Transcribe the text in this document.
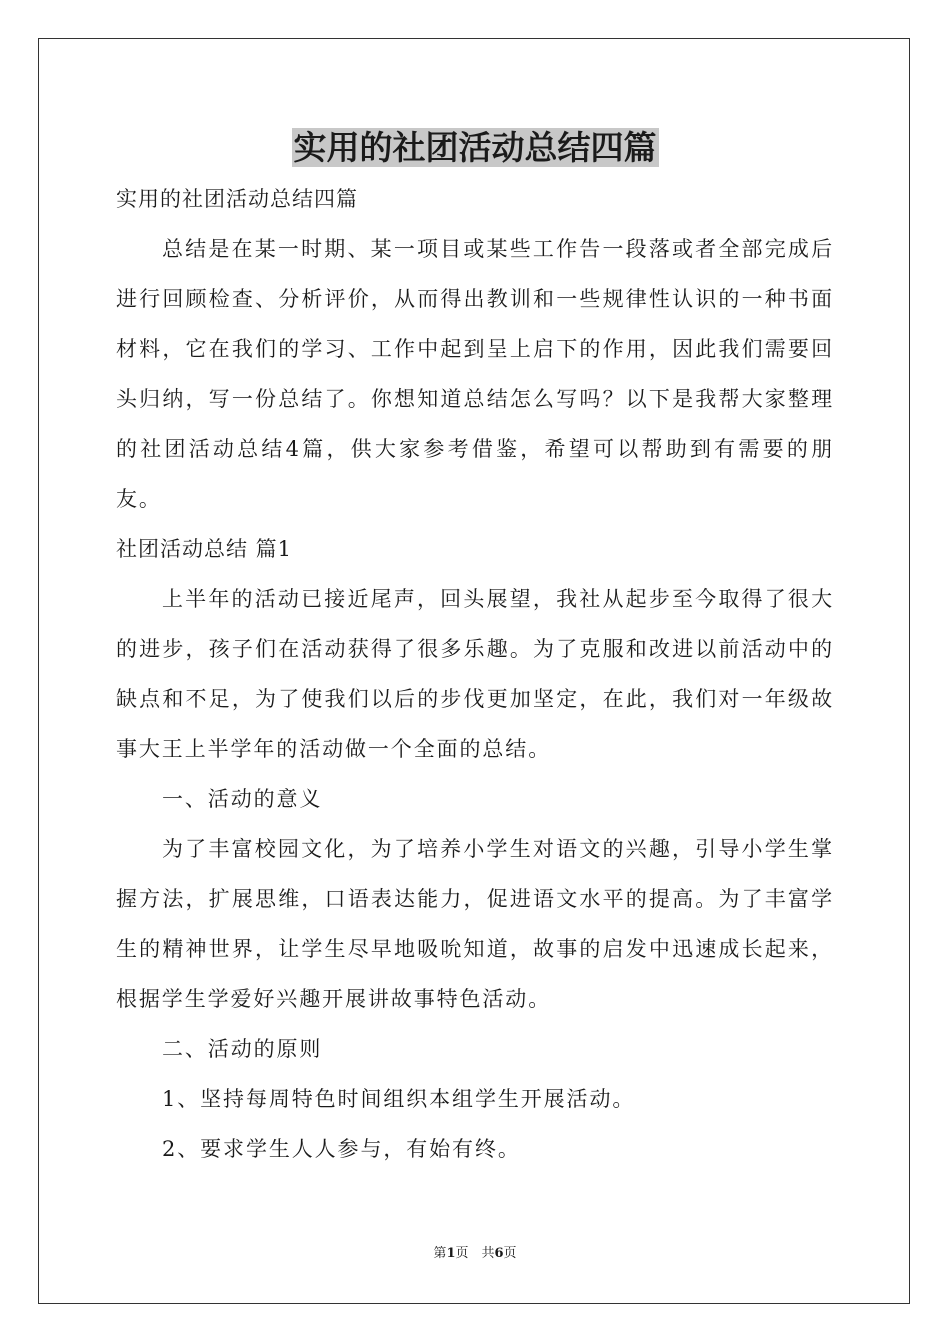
实用的社团活动总结四篇

实用的社团活动总结四篇

总结是在某一时期、某一项目或某些工作告一段落或者全部完成后进行回顾检查、分析评价，从而得出教训和一些规律性认识的一种书面材料，它在我们的学习、工作中起到呈上启下的作用，因此我们需要回头归纳，写一份总结了。你想知道总结怎么写吗？以下是我帮大家整理的社团活动总结4篇，供大家参考借鉴，希望可以帮助到有需要的朋友。

社团活动总结 篇1

上半年的活动已接近尾声，回头展望，我社从起步至今取得了很大的进步，孩子们在活动获得了很多乐趣。为了克服和改进以前活动中的缺点和不足，为了使我们以后的步伐更加坚定，在此，我们对一年级故事大王上半学年的活动做一个全面的总结。

一、活动的意义

为了丰富校园文化，为了培养小学生对语文的兴趣，引导小学生掌握方法，扩展思维，口语表达能力，促进语文水平的提高。为了丰富学生的精神世界，让学生尽早地吸吮知道，故事的启发中迅速成长起来，根据学生学爱好兴趣开展讲故事特色活动。

二、活动的原则

1、坚持每周特色时间组织本组学生开展活动。

2、要求学生人人参与，有始有终。

第1页　共6页
